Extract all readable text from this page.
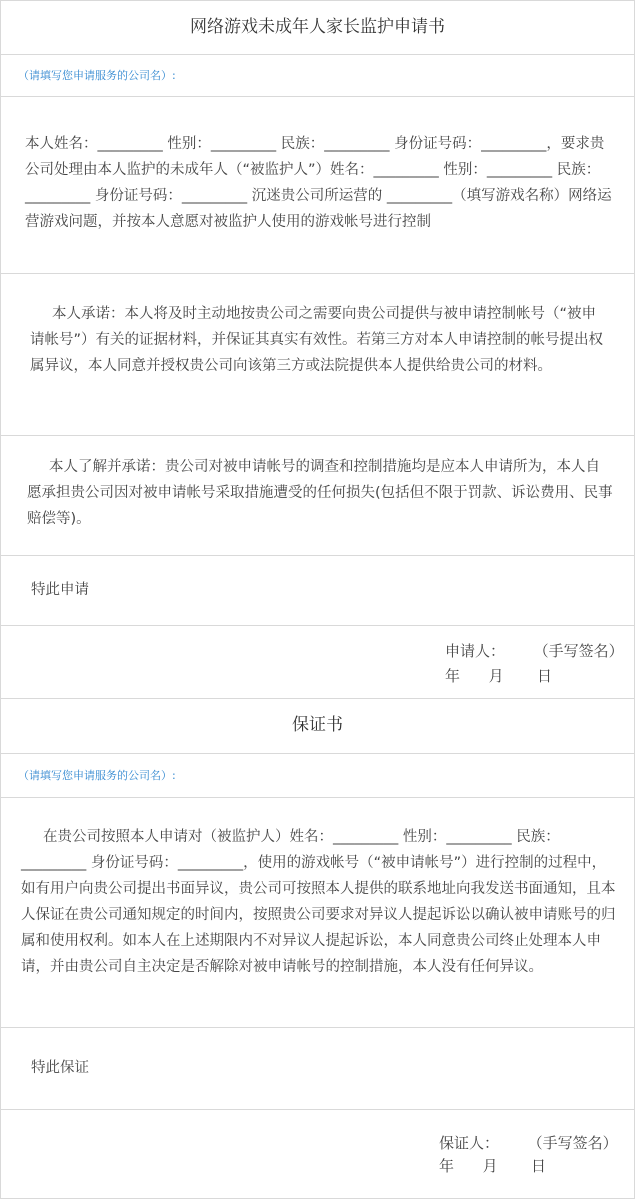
网络游戏未成年人家长监护申请书
（请填写您申请服务的公司名）:
本人姓名：_________ 性别：_________ 民族：_________ 身份证号码：_________，要求贵公司处理由本人监护的未成年人（“被监护人”）姓名：_________ 性别：_________ 民族：_________ 身份证号码：_________ 沉迷贵公司所运营的 _________（填写游戏名称）网络运营游戏问题，并按本人意愿对被监护人使用的游戏帐号进行控制
本人承诺：本人将及时主动地按贵公司之需要向贵公司提供与被申请控制帐号（“被申请帐号”）有关的证据材料，并保证其真实有效性。若第三方对本人申请控制的帐号提出权属异议，本人同意并授权贵公司向该第三方或法院提供本人提供给贵公司的材料。
本人了解并承诺：贵公司对被申请帐号的调查和控制措施均是应本人申请所为，本人自愿承担贵公司因对被申请帐号采取措施遭受的任何损失(包括但不限于罚款、诉讼费用、民事赔偿等)。
特此申请
申请人：      （手写签名）
年      月       日
保证书
（请填写您申请服务的公司名）:
在贵公司按照本人申请对（被监护人）姓名：_________ 性别：_________ 民族：_________ 身份证号码：_________，使用的游戏帐号（“被申请帐号”）进行控制的过程中，如有用户向贵公司提出书面异议，贵公司可按照本人提供的联系地址向我发送书面通知，且本人保证在贵公司通知规定的时间内，按照贵公司要求对异议人提起诉讼以确认被申请账号的归属和使用权利。如本人在上述期限内不对异议人提起诉讼，本人同意贵公司终止处理本人申请，并由贵公司自主决定是否解除对被申请帐号的控制措施，本人没有任何异议。
特此保证
保证人：      （手写签名）
年      月       日
